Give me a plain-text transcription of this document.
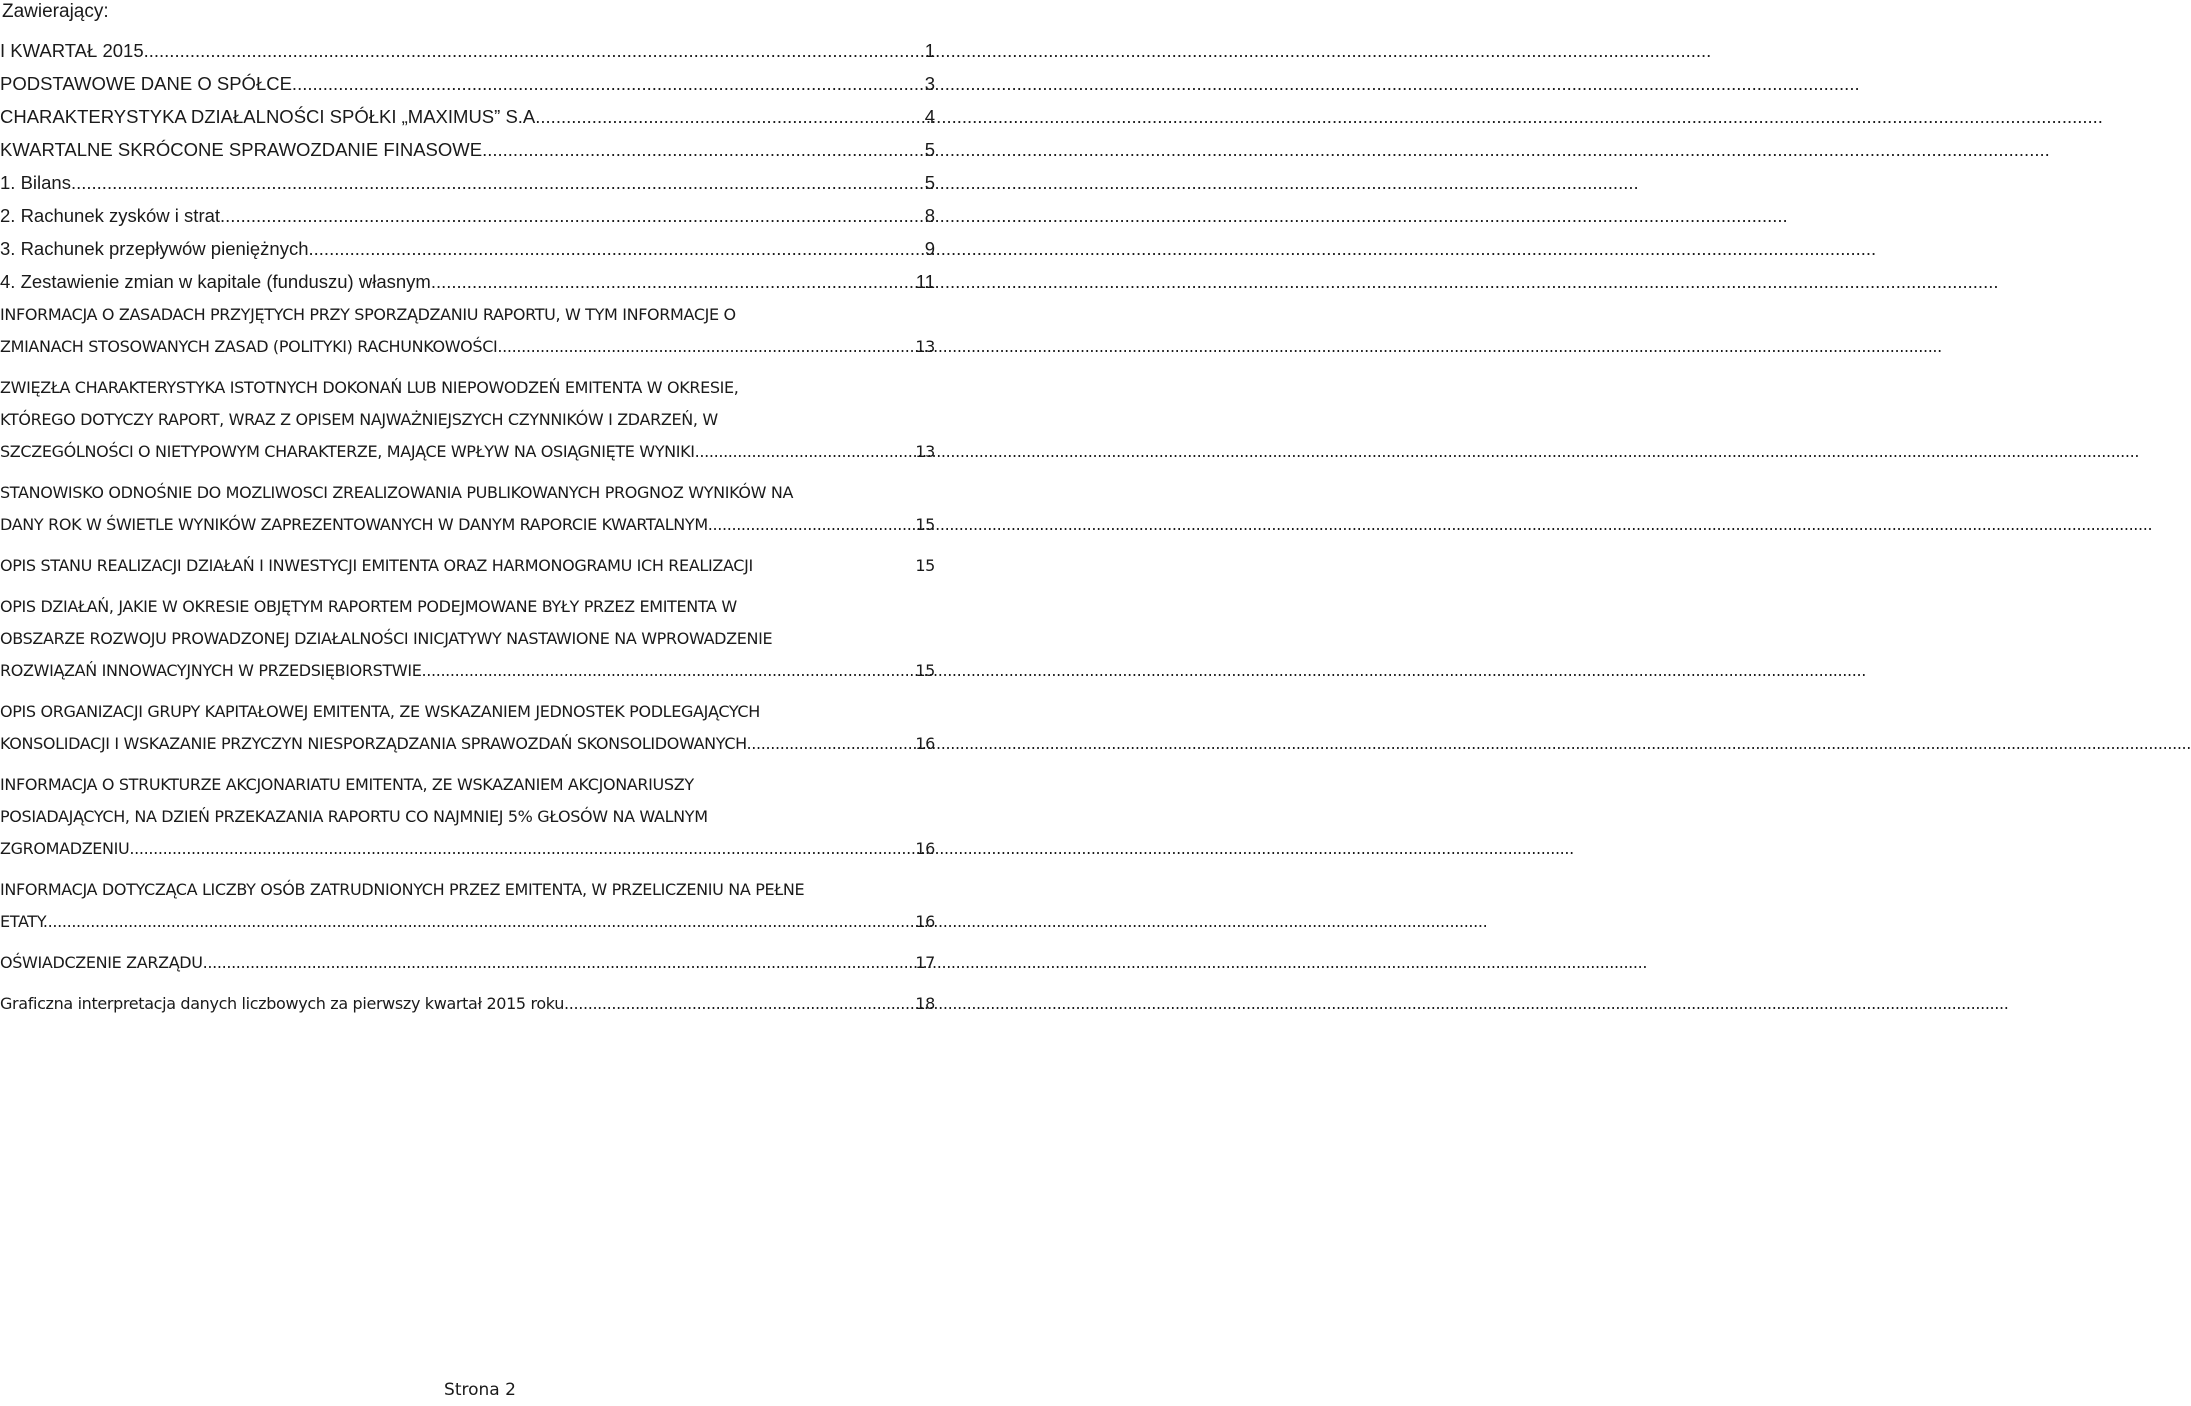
Zawierający:
I KWARTAŁ 2015. .....	1
PODSTAWOWE DANE O SPÓŁCE. .....	3
CHARAKTERYSTYKA DZIAŁALNOŚCI SPÓŁKI „MAXIMUS” S.A. .....	4
KWARTALNE SKRÓCONE SPRAWOZDANIE FINASOWE. .....	5
1. Bilans. .....	5
2. Rachunek zysków i strat. .....	8
3. Rachunek przepływów pieniężnych. .....	9
4. Zestawienie zmian w kapitale (funduszu) własnym. .....	11
INFORMACJA O ZASADACH PRZYJĘTYCH PRZY SPORZĄDZANIU RAPORTU, W TYM INFORMACJE O
ZMIANACH STOSOWANYCH ZASAD (POLITYKI) RACHUNKOWOŚCI. .....	13
ZWIĘZŁA CHARAKTERYSTYKA ISTOTNYCH DOKONAŃ LUB NIEPOWODZEŃ EMITENTA W OKRESIE,
KTÓREGO DOTYCZY RAPORT, WRAZ Z OPISEM NAJWAŻNIEJSZYCH CZYNNIKÓW I ZDARZEŃ, W
SZCZEGÓLNOŚCI O NIETYPOWYM CHARAKTERZE, MAJĄCE WPŁYW NA OSIĄGNIĘTE WYNIKI. .....	13
STANOWISKO ODNOŚNIE DO MOZLIWOSCI ZREALIZOWANIA PUBLIKOWANYCH PROGNOZ WYNIKÓW NA
DANY ROK W ŚWIETLE WYNIKÓW ZAPREZENTOWANYCH W DANYM RAPORCIE KWARTALNYM. .....	15
OPIS STANU REALIZACJI DZIAŁAŃ I INWESTYCJI EMITENTA ORAZ HARMONOGRAMU ICH REALIZACJI	15
OPIS DZIAŁAŃ, JAKIE W OKRESIE OBJĘTYM RAPORTEM PODEJMOWANE BYŁY PRZEZ EMITENTA W
OBSZARZE ROZWOJU PROWADZONEJ DZIAŁALNOŚCI INICJATYWY NASTAWIONE NA WPROWADZENIE
ROZWIĄZAŃ INNOWACYJNYCH W PRZEDSIĘBIORSTWIE. .....	15
OPIS ORGANIZACJI GRUPY KAPITAŁOWEJ EMITENTA, ZE WSKAZANIEM JEDNOSTEK PODLEGAJĄCYCH
KONSOLIDACJI I WSKAZANIE PRZYCZYN NIESPORZĄDZANIA SPRAWOZDAŃ SKONSOLIDOWANYCH. .....	16
INFORMACJA O STRUKTURZE AKCJONARIATU EMITENTA, ZE WSKAZANIEM AKCJONARIUSZY
POSIADAJĄCYCH, NA DZIEŃ PRZEKAZANIA RAPORTU CO NAJMNIEJ 5% GŁOSÓW NA WALNYM
ZGROMADZENIU. .....	16
INFORMACJA DOTYCZĄCA LICZBY OSÓB ZATRUDNIONYCH PRZEZ EMITENTA, W PRZELICZENIU NA PEŁNE
ETATY. .....	16
OŚWIADCZENIE ZARZĄDU. .....	17
Graficzna interpretacja danych liczbowych za pierwszy kwartał 2015 roku. .....	18
Strona 2
